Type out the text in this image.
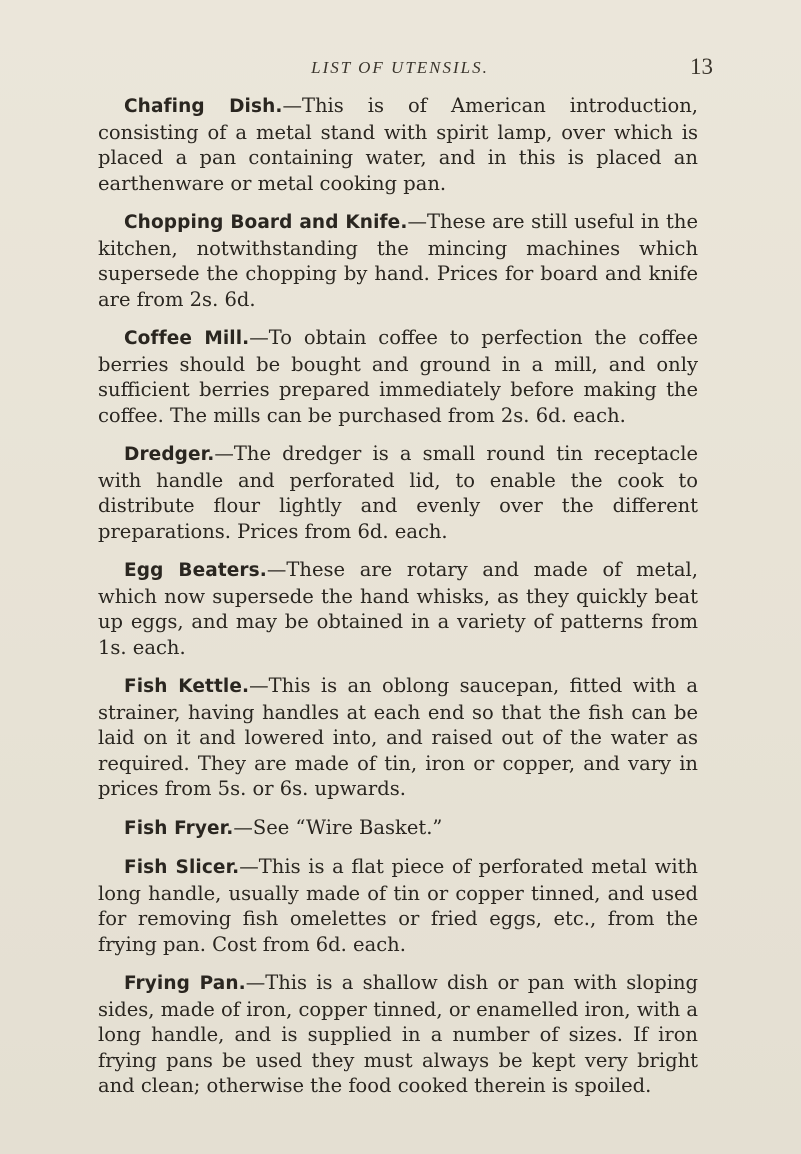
LIST OF UTENSILS.	13

Chafing Dish.—This is of American introduction, consisting of a metal stand with spirit lamp, over which is placed a pan containing water, and in this is placed an earthenware or metal cooking pan.

Chopping Board and Knife.—These are still useful in the kitchen, notwithstanding the mincing machines which supersede the chopping by hand. Prices for board and knife are from 2s. 6d.

Coffee Mill.—To obtain coffee to perfection the coffee berries should be bought and ground in a mill, and only sufficient berries prepared immediately before making the coffee. The mills can be purchased from 2s. 6d. each.

Dredger.—The dredger is a small round tin receptacle with handle and perforated lid, to enable the cook to distribute flour lightly and evenly over the different preparations. Prices from 6d. each.

Egg Beaters.—These are rotary and made of metal, which now supersede the hand whisks, as they quickly beat up eggs, and may be obtained in a variety of patterns from 1s. each.

Fish Kettle.—This is an oblong saucepan, fitted with a strainer, having handles at each end so that the fish can be laid on it and lowered into, and raised out of the water as required. They are made of tin, iron or copper, and vary in prices from 5s. or 6s. upwards.

Fish Fryer.—See “Wire Basket.”

Fish Slicer.—This is a flat piece of perforated metal with long handle, usually made of tin or copper tinned, and used for removing fish omelettes or fried eggs, etc., from the frying pan. Cost from 6d. each.

Frying Pan.—This is a shallow dish or pan with sloping sides, made of iron, copper tinned, or enamelled iron, with a long handle, and is supplied in a number of sizes. If iron frying pans be used they must always be kept very bright and clean; otherwise the food cooked therein is spoiled.
